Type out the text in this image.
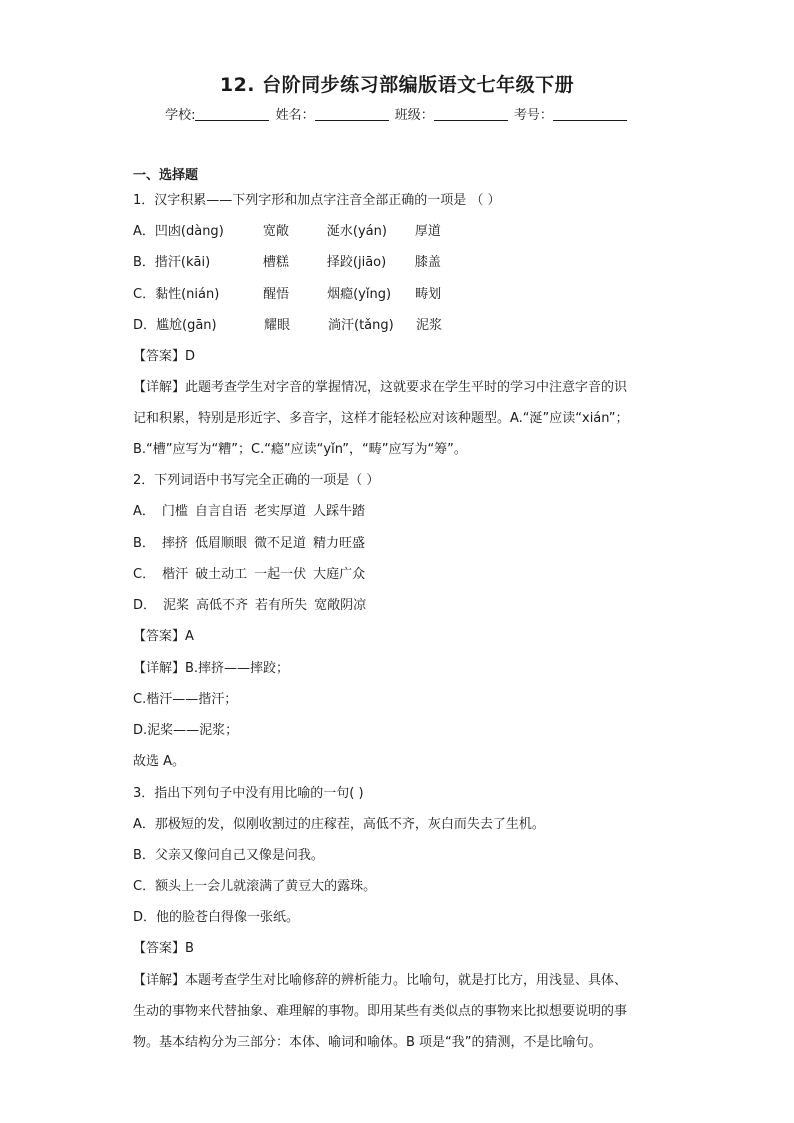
12. 台阶同步练习部编版语文七年级下册
学校:	姓名：	班级：	考号：
一、选择题
1．汉字积累——下列字形和加点字注音全部正确的一项是 （ ）
A．凹凼(dàng)	宽敞	涎水(yán) 厚道
B．揩汗(kāi)	槽糕	择跤(jiāo) 膝盖
C．黏性(nián)	醒悟	烟瘾(yǐng) 畴划
D．尴尬(gān)	耀眼	淌汗(tǎng) 泥浆
【答案】D
【详解】此题考查学生对字音的掌握情况，这就要求在学生平时的学习中注意字音的识
记和积累，特别是形近字、多音字，这样才能轻松应对该种题型。A.“涎”应读“xián”；
B.“槽”应写为“糟”；C.“瘾”应读“yǐn”，“畴”应写为“筹”。
2．下列词语中书写完全正确的一项是（ ）
A． 门槛 自言自语 老实厚道 人踩牛踏
B． 摔挤 低眉顺眼 微不足道 精力旺盛
C． 楷汗 破土动工 一起一伏 大庭广众
D． 泥桨 高低不齐 若有所失 宽敞阴凉
【答案】A
【详解】B.摔挤——摔跤；
C.楷汗——揩汗；
D.泥桨——泥浆；
故选 A。
3．指出下列句子中没有用比喻的一句( )
A．那极短的发，似刚收割过的庄稼茬，高低不齐，灰白而失去了生机。
B．父亲又像问自己又像是问我。
C．额头上一会儿就滚满了黄豆大的露珠。
D．他的脸苍白得像一张纸。
【答案】B
【详解】本题考查学生对比喻修辞的辨析能力。比喻句，就是打比方，用浅显、具体、
生动的事物来代替抽象、难理解的事物。即用某些有类似点的事物来比拟想要说明的事
物。基本结构分为三部分：本体、喻词和喻体。B 项是“我”的猜测，不是比喻句。
